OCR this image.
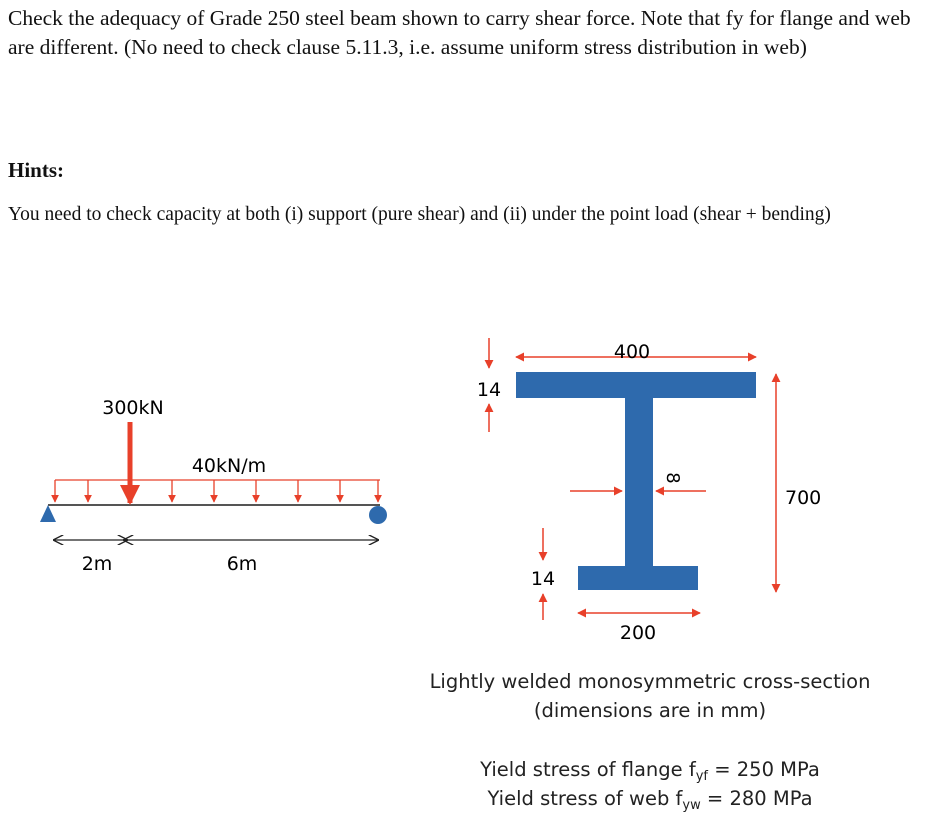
Check the adequacy of Grade 250 steel beam shown to carry shear force. Note that fy for flange and web are different. (No need to check clause 5.11.3, i.e. assume uniform stress distribution in web)

Hints:

You need to check capacity at both (i) support (pure shear) and (ii) under the point load (shear + bending)

300kN
40kN/m
2m	6m
400
14
8
700
14
200
Lightly welded monosymmetric cross-section
(dimensions are in mm)
Yield stress of flange $f_{yf} = 250$ MPa
Yield stress of web $f_{yw} = 280$ MPa
